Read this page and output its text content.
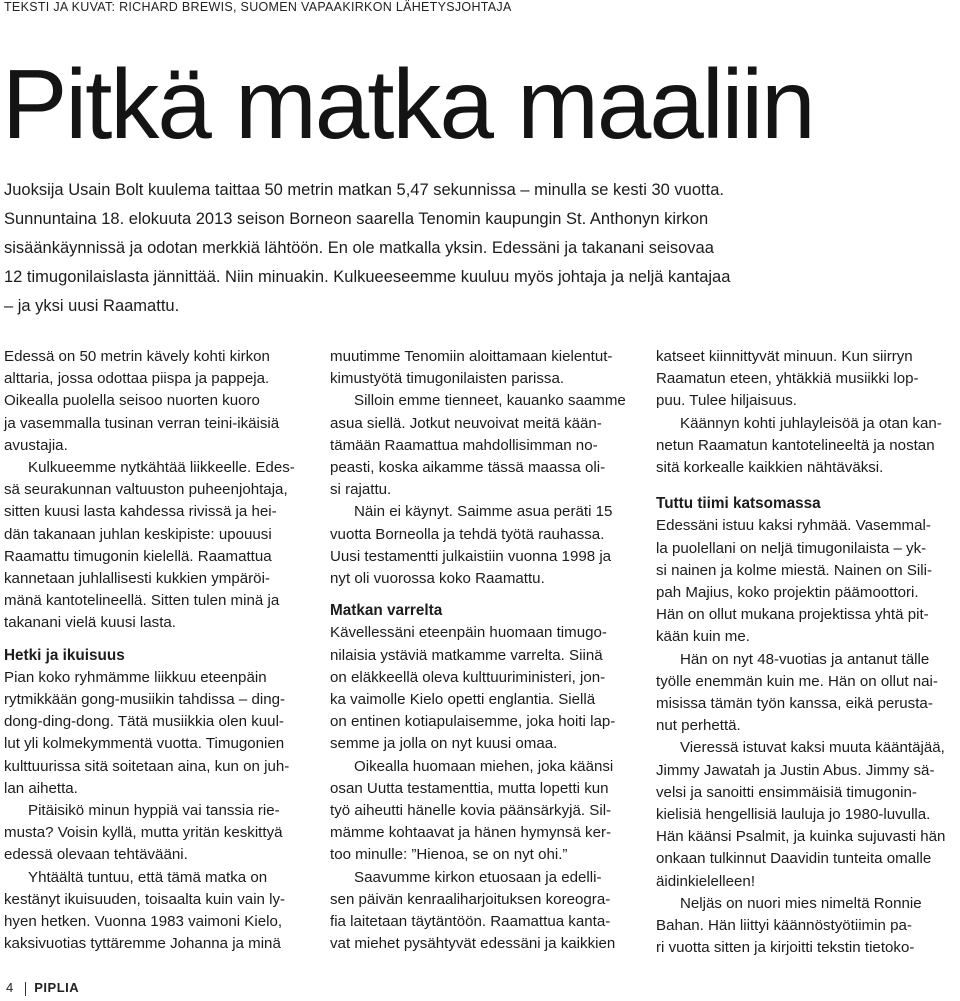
TEKSTI JA KUVAT: RICHARD BREWIS, SUOMEN VAPAAKIRKON LÄHETYSJOHTAJA
Pitkä matka maaliin
Juoksija Usain Bolt kuulema taittaa 50 metrin matkan 5,47 sekunnissa – minulla se kesti 30 vuotta.
Sunnuntaina 18. elokuuta 2013 seison Borneon saarella Tenomin kaupungin St. Anthonyn kirkon
sisäänkäynnissä ja odotan merkkiä lähtöön. En ole matkalla yksin. Edessäni ja takanani seisovaa
12 timugonilaislasta jännittää. Niin minuakin. Kulkueeseemme kuuluu myös johtaja ja neljä kantajaa
– ja yksi uusi Raamattu.
Edessä on 50 metrin kävely kohti kirkon
alttaria, jossa odottaa piispa ja pappeja.
Oikealla puolella seisoo nuorten kuoro
ja vasemmalla tusinan verran teini-ikäisiä
avustajia.
Kulkueemme nytkähtää liikkeelle. Edes-
sä seurakunnan valtuuston puheenjohtaja,
sitten kuusi lasta kahdessa rivissä ja hei-
dän takanaan juhlan keskipiste: upouusi
Raamattu timugonin kielellä. Raamattua
kannetaan juhlallisesti kukkien ympäröi-
mänä kantotelineellä. Sitten tulen minä ja
takanani vielä kuusi lasta.
Hetki ja ikuisuus
Pian koko ryhmämme liikkuu eteenpäin
rytmikkään gong-musiikin tahdissa – ding-
dong-ding-dong. Tätä musiikkia olen kuul-
lut yli kolmekymmentä vuotta. Timugonien
kulttuurissa sitä soitetaan aina, kun on juh-
lan aihetta.
Pitäisikö minun hyppiä vai tanssia rie-
musta? Voisin kyllä, mutta yritän keskittyä
edessä olevaan tehtävääni.
Yhtäältä tuntuu, että tämä matka on
kestänyt ikuisuuden, toisaalta kuin vain ly-
hyen hetken. Vuonna 1983 vaimoni Kielo,
kaksivuotias tyttäremme Johanna ja minä
muutimme Tenomiin aloittamaan kielentut-
kimustyötä timugonilaisten parissa.
Silloin emme tienneet, kauanko saamme
asua siellä. Jotkut neuvoivat meitä kään-
tämään Raamattua mahdollisimman no-
peasti, koska aikamme tässä maassa oli-
si rajattu.
Näin ei käynyt. Saimme asua peräti 15
vuotta Borneolla ja tehdä työtä rauhassa.
Uusi testamentti julkaistiin vuonna 1998 ja
nyt oli vuorossa koko Raamattu.
Matkan varrelta
Kävellessäni eteenpäin huomaan timugo-
nilaisia ystäviä matkamme varrelta. Siinä
on eläkkeellä oleva kulttuuriministeri, jon-
ka vaimolle Kielo opetti englantia. Siellä
on entinen kotiapulaisemme, joka hoiti lap-
semme ja jolla on nyt kuusi omaa.
Oikealla huomaan miehen, joka käänsi
osan Uutta testamenttia, mutta lopetti kun
työ aiheutti hänelle kovia päänsärkyjä. Sil-
mämme kohtaavat ja hänen hymynsä ker-
too minulle: ”Hienoa, se on nyt ohi.”
Saavumme kirkon etuosaan ja edelli-
sen päivän kenraaliharjoituksen koreogra-
fia laitetaan täytäntöön. Raamattua kanta-
vat miehet pysähtyvät edessäni ja kaikkien
katseet kiinnittyvät minuun. Kun siirryn
Raamatun eteen, yhtäkkiä musiikki lop-
puu. Tulee hiljaisuus.
Käännyn kohti juhlayleisöä ja otan kan-
netun Raamatun kantotelineeltä ja nostan
sitä korkealle kaikkien nähtäväksi.
Tuttu tiimi katsomassa
Edessäni istuu kaksi ryhmää. Vasemmal-
la puolellani on neljä timugonilaista – yk-
si nainen ja kolme miestä. Nainen on Sili-
pah Majius, koko projektin päämoottori.
Hän on ollut mukana projektissa yhtä pit-
kään kuin me.
Hän on nyt 48-vuotias ja antanut tälle
työlle enemmän kuin me. Hän on ollut nai-
misissa tämän työn kanssa, eikä perusta-
nut perhettä.
Vieressä istuvat kaksi muuta kääntäjää,
Jimmy Jawatah ja Justin Abus. Jimmy sä-
velsi ja sanoitti ensimmäisiä timugonin-
kielisiä hengellisiä lauluja jo 1980-luvulla.
Hän käänsi Psalmit, ja kuinka sujuvasti hän
onkaan tulkinnut Daavidin tunteita omalle
äidinkielelleen!
Neljäs on nuori mies nimeltä Ronnie
Bahan. Hän liittyi käännöstyötiimin pa-
ri vuotta sitten ja kirjoitti tekstin tietoko-
4 PIPLIA
